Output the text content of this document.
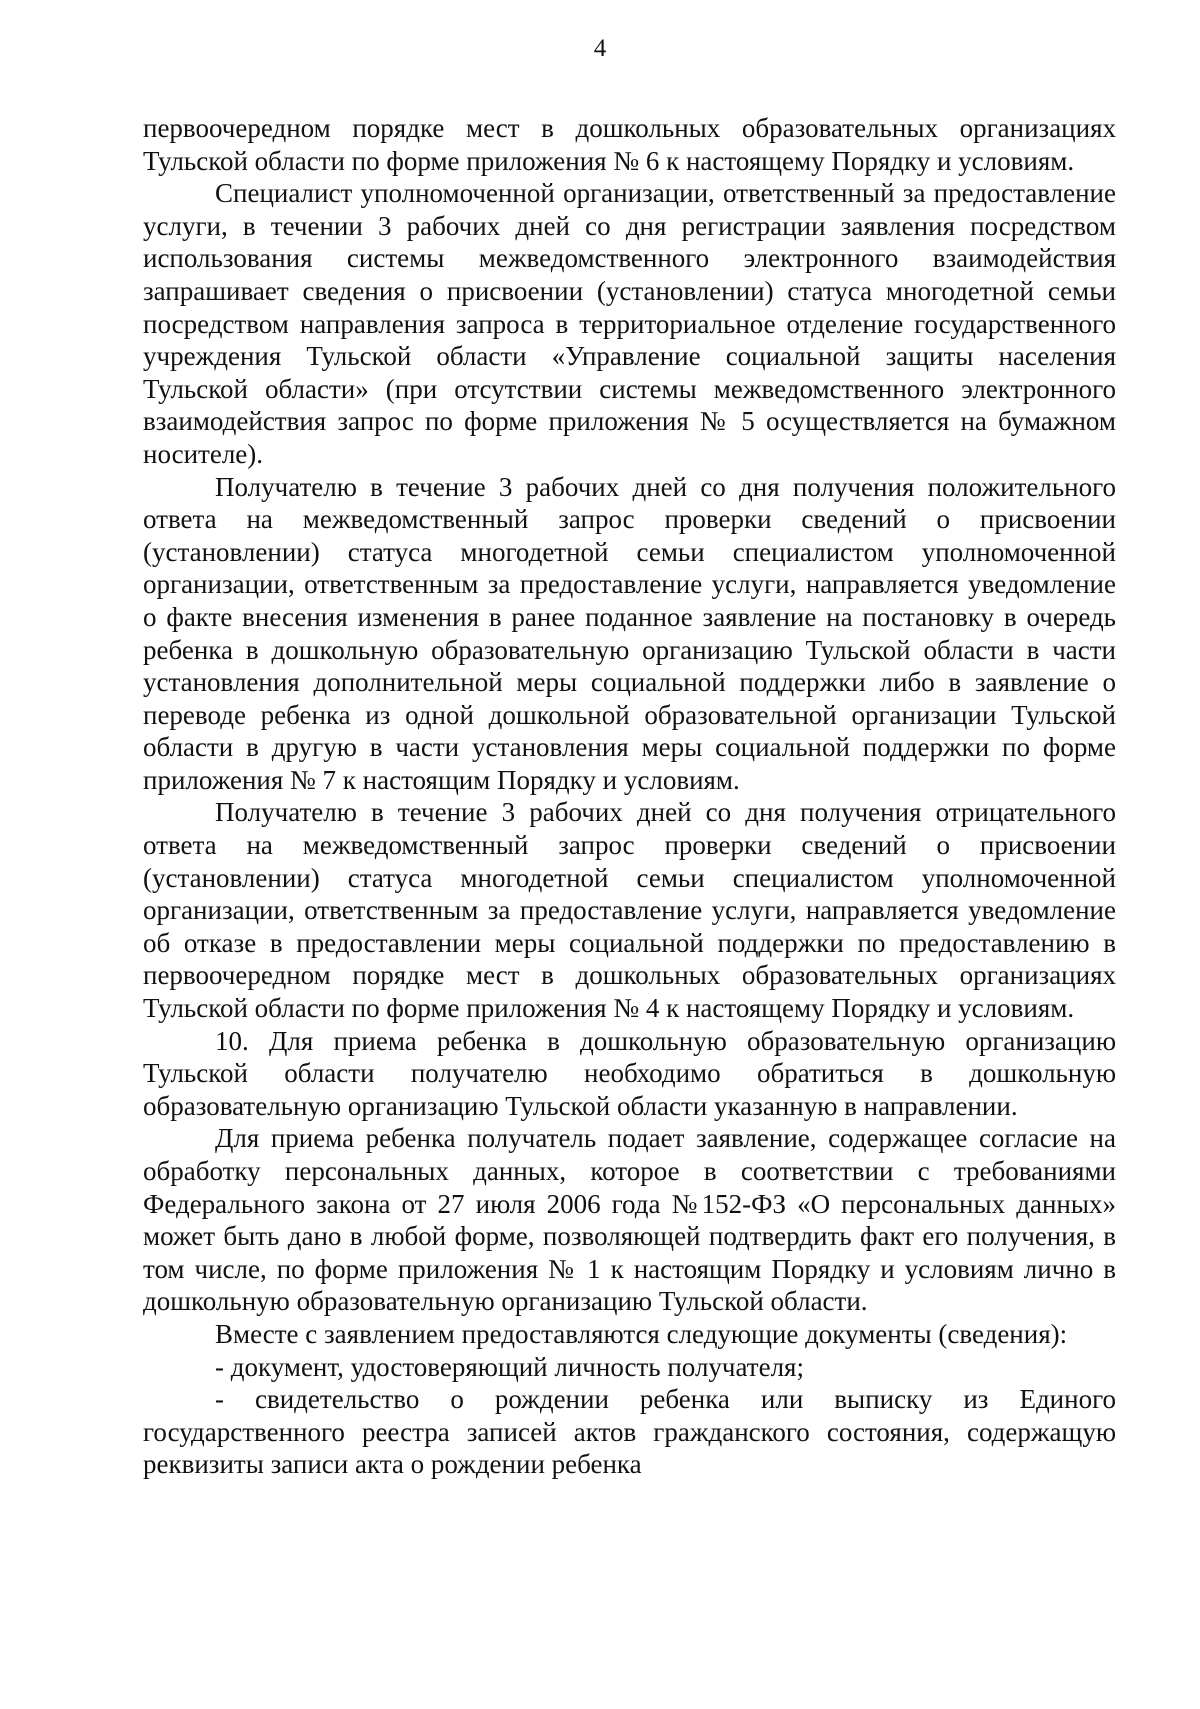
4

первоочередном порядке мест в дошкольных образовательных организациях Тульской области по форме приложения № 6 к настоящему Порядку и условиям.

Специалист уполномоченной организации, ответственный за предоставление услуги, в течении 3 рабочих дней со дня регистрации заявления посредством использования системы межведомственного электронного взаимодействия запрашивает сведения о присвоении (установлении) статуса многодетной семьи посредством направления запроса в территориальное отделение государственного учреждения Тульской области «Управление социальной защиты населения Тульской области» (при отсутствии системы межведомственного электронного взаимодействия запрос по форме приложения № 5 осуществляется на бумажном носителе).

Получателю в течение 3 рабочих дней со дня получения положительного ответа на межведомственный запрос проверки сведений о присвоении (установлении) статуса многодетной семьи специалистом уполномоченной организации, ответственным за предоставление услуги, направляется уведомление о факте внесения изменения в ранее поданное заявление на постановку в очередь ребенка в дошкольную образовательную организацию Тульской области в части установления дополнительной меры социальной поддержки либо в заявление о переводе ребенка из одной дошкольной образовательной организации Тульской области в другую в части установления меры социальной поддержки по форме приложения № 7 к настоящим Порядку и условиям.

Получателю в течение 3 рабочих дней со дня получения отрицательного ответа на межведомственный запрос проверки сведений о присвоении (установлении) статуса многодетной семьи специалистом уполномоченной организации, ответственным за предоставление услуги, направляется уведомление об отказе в предоставлении меры социальной поддержки по предоставлению в первоочередном порядке мест в дошкольных образовательных организациях Тульской области по форме приложения № 4 к настоящему Порядку и условиям.

10. Для приема ребенка в дошкольную образовательную организацию Тульской области получателю необходимо обратиться в дошкольную образовательную организацию Тульской области указанную в направлении.

Для приема ребенка получатель подает заявление, содержащее согласие на обработку персональных данных, которое в соответствии с требованиями Федерального закона от 27 июля 2006 года №152-ФЗ «О персональных данных» может быть дано в любой форме, позволяющей подтвердить факт его получения, в том числе, по форме приложения № 1 к настоящим Порядку и условиям лично в дошкольную образовательную организацию Тульской области.

Вместе с заявлением предоставляются следующие документы (сведения):

- документ, удостоверяющий личность получателя;

- свидетельство о рождении ребенка или выписку из Единого государственного реестра записей актов гражданского состояния, содержащую реквизиты записи акта о рождении ребенка
